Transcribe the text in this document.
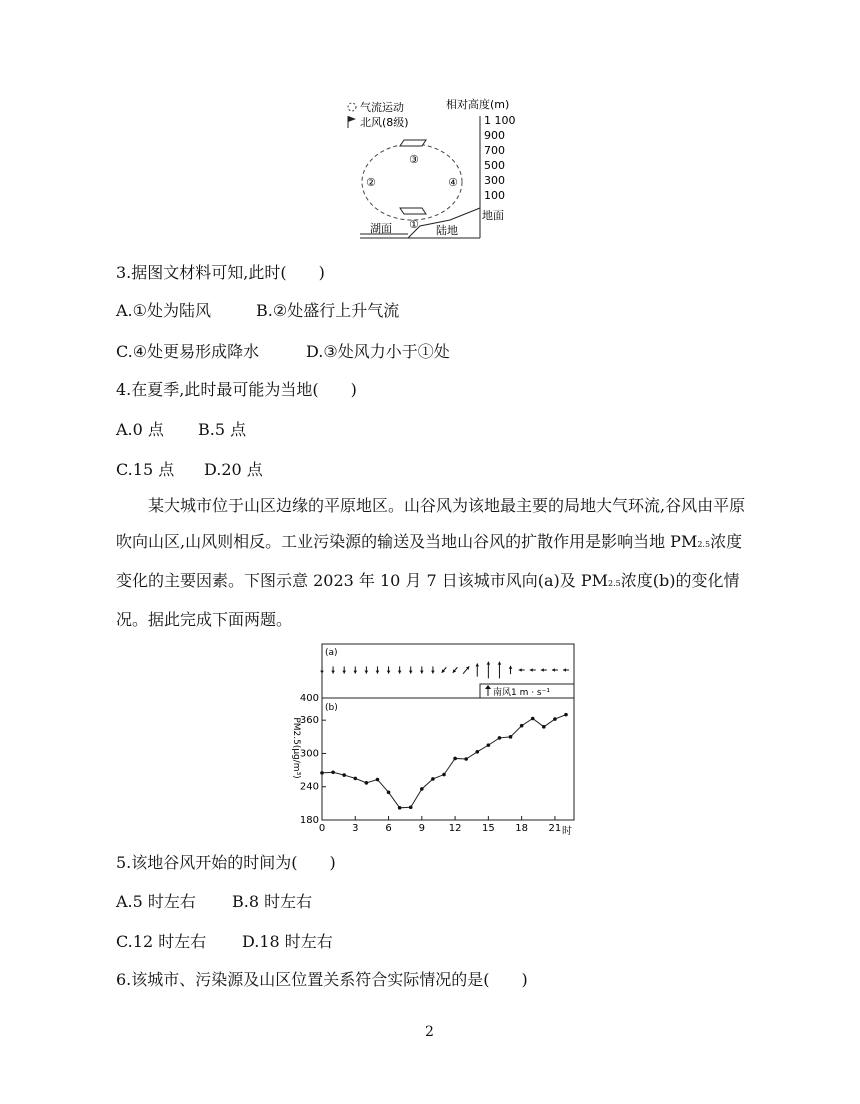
气流运动
北风(8级)
相对高度(m)
1 100
900
700
500
300
100
地面
①
②
③
④
湖面	陆地
3.据图文材料可知,此时(　　)
A.①处为陆风	B.②处盛行上升气流
C.④处更易形成降水	D.③处风力小于①处
4.在夏季,此时最可能为当地(　　)
A.0 点 B.5 点
C.15 点 D.20 点
某大城市位于山区边缘的平原地区。山谷风为该地最主要的局地大气环流,谷风由平原吹向山区,山风则相反。工业污染源的输送及当地山谷风的扩散作用是影响当地 PM2.5浓度变化的主要因素。下图示意 2023 年 10 月 7 日该城市风向(a)及 PM2.5浓度(b)的变化情况。据此完成下面两题。
(a)
(b)
南风1 m · s⁻¹
PM2.5(μg/m³)
时
180
240
300
360
400
0	3	6	9 12 15 18 21
5.该地谷风开始的时间为(　　)
A.5 时左右 B.8 时左右
C.12 时左右 D.18 时左右
6.该城市、污染源及山区位置关系符合实际情况的是(　　)
2
